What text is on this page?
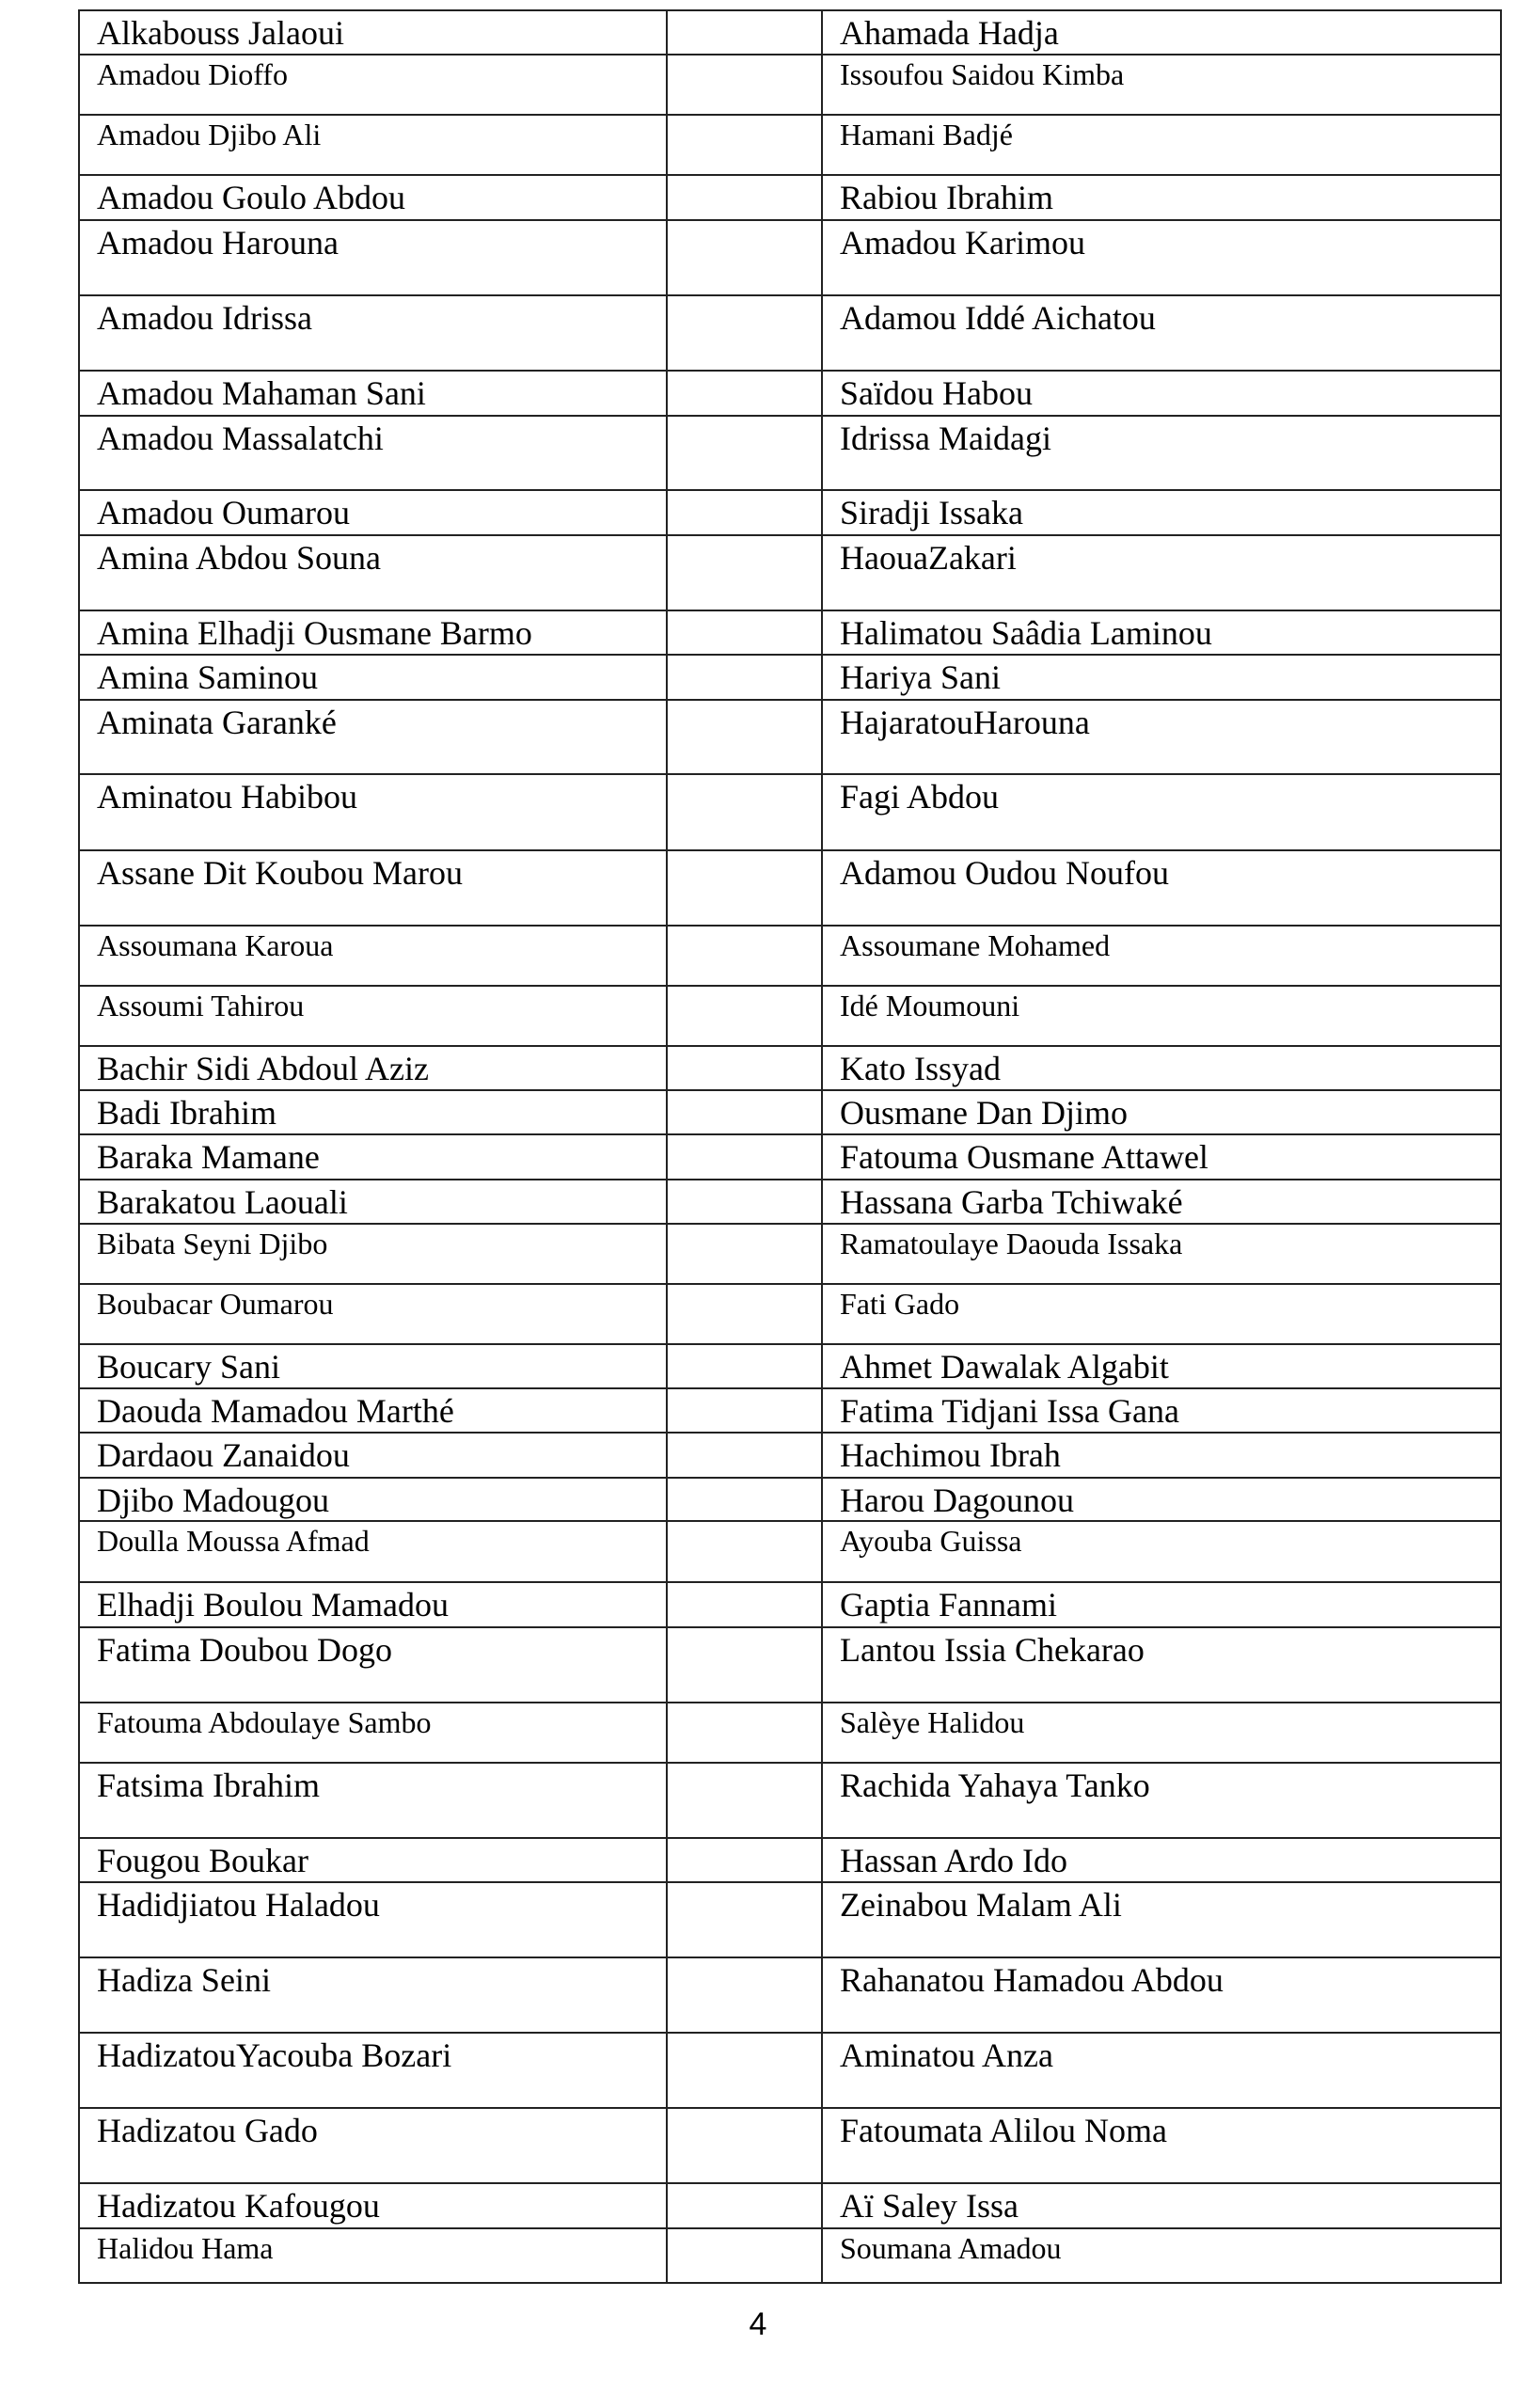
Alkabouss Jalaoui		Ahamada Hadja
Amadou Dioffo		Issoufou Saidou Kimba
Amadou Djibo Ali		Hamani Badjé
Amadou Goulo Abdou		Rabiou Ibrahim
Amadou Harouna		Amadou Karimou
Amadou Idrissa		Adamou Iddé Aichatou
Amadou Mahaman Sani		Saïdou Habou
Amadou Massalatchi		Idrissa Maidagi
Amadou Oumarou		Siradji Issaka
Amina Abdou Souna		HaouaZakari
Amina Elhadji Ousmane Barmo		Halimatou Saâdia Laminou
Amina Saminou		Hariya Sani
Aminata Garanké		HajaratouHarouna
Aminatou Habibou		Fagi Abdou
Assane Dit Koubou Marou		Adamou Oudou Noufou
Assoumana Karoua		Assoumane Mohamed
Assoumi Tahirou		Idé Moumouni
Bachir Sidi Abdoul Aziz		Kato Issyad
Badi Ibrahim		Ousmane Dan Djimo
Baraka Mamane		Fatouma Ousmane Attawel
Barakatou Laouali		Hassana Garba Tchiwaké
Bibata Seyni Djibo		Ramatoulaye Daouda Issaka
Boubacar Oumarou		Fati Gado
Boucary Sani		Ahmet Dawalak Algabit
Daouda Mamadou Marthé		Fatima Tidjani Issa Gana
Dardaou Zanaidou		Hachimou Ibrah
Djibo Madougou		Harou Dagounou
Doulla Moussa Afmad		Ayouba Guissa
Elhadji Boulou Mamadou		Gaptia Fannami
Fatima Doubou Dogo		Lantou Issia Chekarao
Fatouma Abdoulaye Sambo		Salèye Halidou
Fatsima Ibrahim		Rachida Yahaya Tanko
Fougou Boukar		Hassan Ardo Ido
Hadidjiatou Haladou		Zeinabou Malam Ali
Hadiza Seini		Rahanatou Hamadou Abdou
HadizatouYacouba Bozari		Aminatou Anza
Hadizatou Gado		Fatoumata Alilou Noma
Hadizatou Kafougou		Aï Saley Issa
Halidou Hama		Soumana Amadou
4
